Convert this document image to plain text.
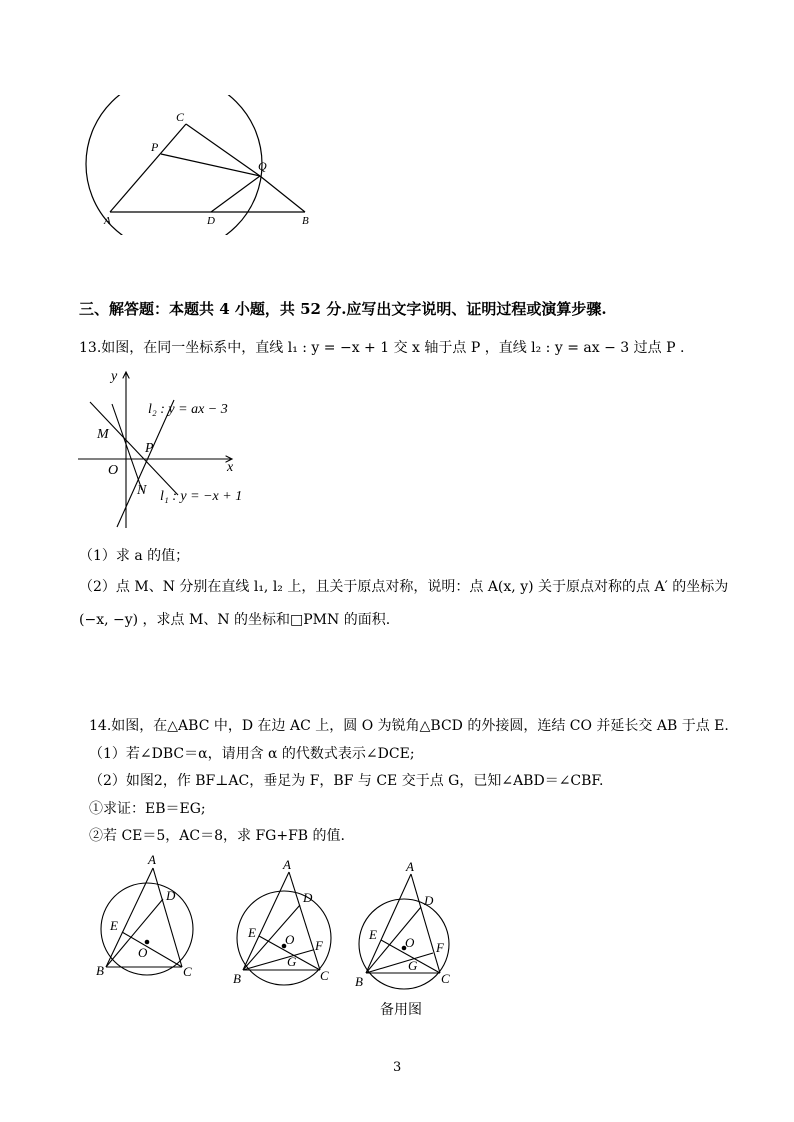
C
P
Q
A	D	B
三、解答题：本题共 4 小题，共 52 分.应写出文字说明、证明过程或演算步骤.
13.如图，在同一坐标系中，直线 l₁ : y = −x + 1 交 x 轴于点 P ，直线 l₂ : y = ax − 3 过点 P .
y
x
O
M
N
P
l₂ : y = ax − 3
l₁ : y = −x + 1
（1）求 a 的值；
（2）点 M、N 分别在直线 l₁, l₂ 上，且关于原点对称，说明：点 A(x, y) 关于原点对称的点 A′ 的坐标为
(−x, −y) ，求点 M、N 的坐标和□PMN 的面积.
14.如图，在△ABC 中，D 在边 AC 上，圆 O 为锐角△BCD 的外接圆，连结 CO 并延长交 AB 于点 E.
（1）若∠DBC＝α，请用含 α 的代数式表示∠DCE;
（2）如图2，作 BF⊥AC，垂足为 F，BF 与 CE 交于点 G，已知∠ABD＝∠CBF.
①求证：EB＝EG;
②若 CE＝5，AC＝8，求 FG+FB 的值.
A
D
E
O
B	C
A
D
E O F
G
B	C
A
D
E
O F
G
B	C
备用图
3
